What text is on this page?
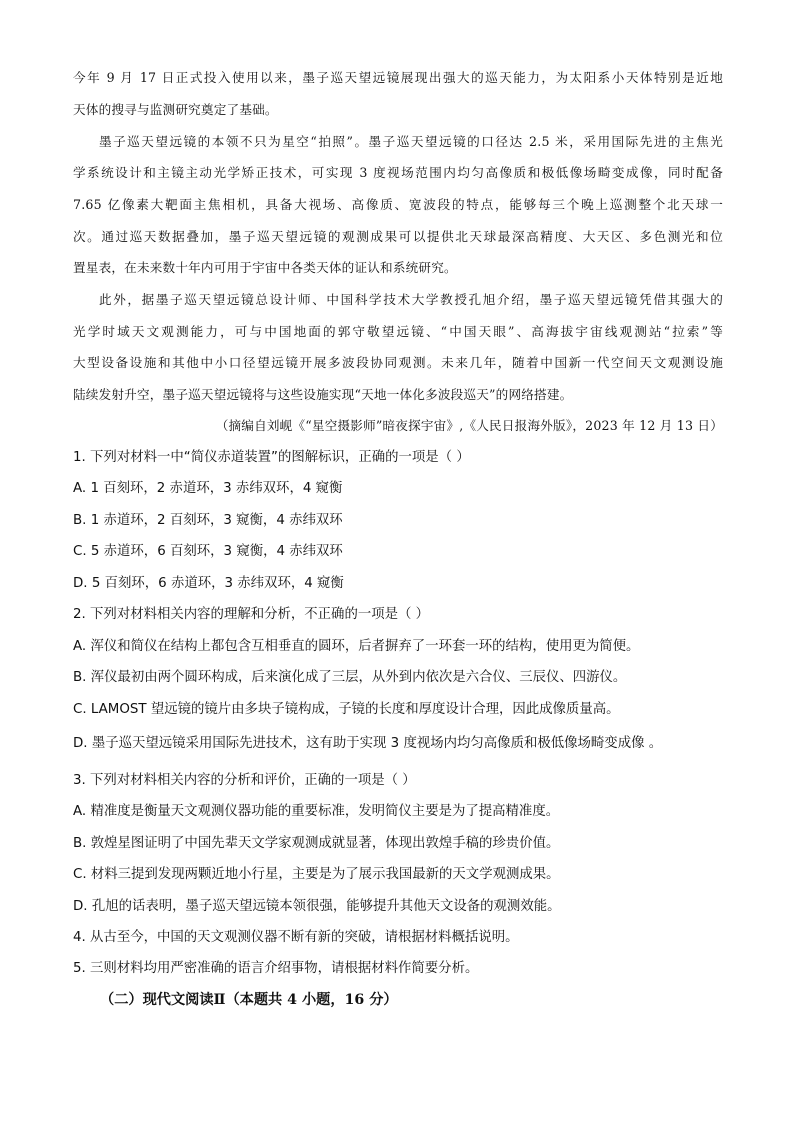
今年 9 月 17 日正式投入使用以来，墨子巡天望远镜展现出强大的巡天能力，为太阳系小天体特别是近地
天体的搜寻与监测研究奠定了基础。
墨子巡天望远镜的本领不只为星空“拍照”。墨子巡天望远镜的口径达 2.5 米，采用国际先进的主焦光
学系统设计和主镜主动光学矫正技术，可实现 3 度视场范围内均匀高像质和极低像场畸变成像，同时配备
7.65 亿像素大靶面主焦相机，具备大视场、高像质、宽波段的特点，能够每三个晚上巡测整个北天球一
次。通过巡天数据叠加，墨子巡天望远镜的观测成果可以提供北天球最深高精度、大天区、多色测光和位
置星表，在未来数十年内可用于宇宙中各类天体的证认和系统研究。
此外，据墨子巡天望远镜总设计师、中国科学技术大学教授孔旭介绍，墨子巡天望远镜凭借其强大的
光学时域天文观测能力，可与中国地面的郭守敬望远镜、“中国天眼”、高海拔宇宙线观测站“拉索”等
大型设备设施和其他中小口径望远镜开展多波段协同观测。未来几年，随着中国新一代空间天文观测设施
陆续发射升空，墨子巡天望远镜将与这些设施实现“天地一体化多波段巡天”的网络搭建。
（摘编自刘岘《“星空摄影师”暗夜探宇宙》,《人民日报海外版》，2023 年 12 月 13 日）
1. 下列对材料一中“简仪赤道装置”的图解标识，正确的一项是（ ）
A. 1 百刻环，2 赤道环，3 赤纬双环，4 窥衡
B. 1 赤道环，2 百刻环，3 窥衡，4 赤纬双环
C. 5 赤道环，6 百刻环，3 窥衡，4 赤纬双环
D. 5 百刻环，6 赤道环，3 赤纬双环，4 窥衡
2. 下列对材料相关内容的理解和分析，不正确的一项是（ ）
A. 浑仪和简仪在结构上都包含互相垂直的圆环，后者摒弃了一环套一环的结构，使用更为简便。
B. 浑仪最初由两个圆环构成，后来演化成了三层，从外到内依次是六合仪、三辰仪、四游仪。
C. LAMOST 望远镜的镜片由多块子镜构成，子镜的长度和厚度设计合理，因此成像质量高。
D. 墨子巡天望远镜采用国际先进技术，这有助于实现 3 度视场内均匀高像质和极低像场畸变成像 。
3. 下列对材料相关内容的分析和评价，正确的一项是（ ）
A. 精准度是衡量天文观测仪器功能的重要标准，发明简仪主要是为了提高精准度。
B. 敦煌星图证明了中国先辈天文学家观测成就显著，体现出敦煌手稿的珍贵价值。
C. 材料三提到发现两颗近地小行星，主要是为了展示我国最新的天文学观测成果。
D. 孔旭的话表明，墨子巡天望远镜本领很强，能够提升其他天文设备的观测效能。
4. 从古至今，中国的天文观测仪器不断有新的突破，请根据材料概括说明。
5. 三则材料均用严密准确的语言介绍事物，请根据材料作简要分析。
（二）现代文阅读Ⅱ（本题共 4 小题，16 分）
